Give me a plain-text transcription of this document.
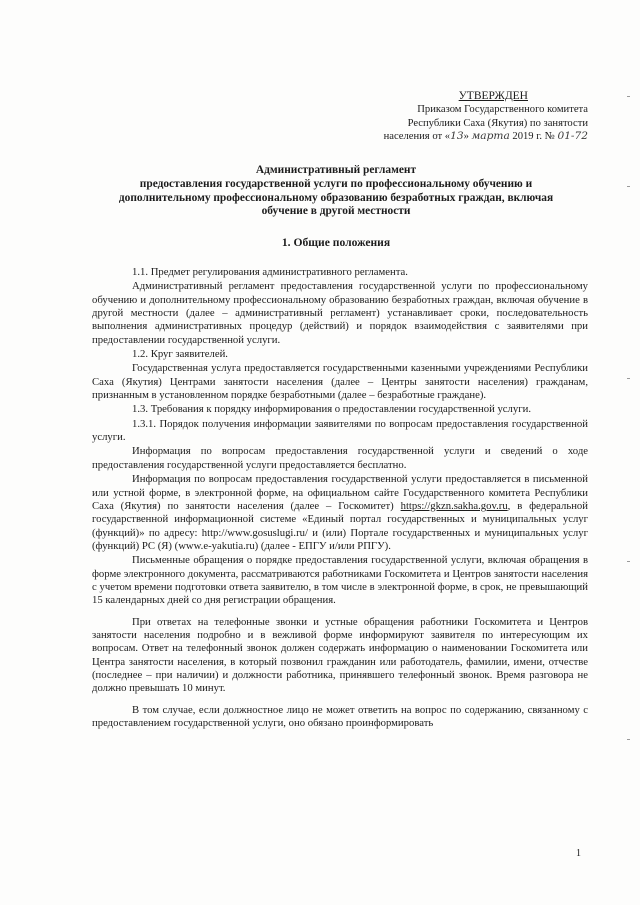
УТВЕРЖДЕН
Приказом Государственного комитета
Республики Саха (Якутия) по занятости
населения от «13» марта 2019 г. № 01-72
Административный регламент
предоставления государственной услуги по профессиональному обучению и
дополнительному профессиональному образованию безработных граждан, включая
обучение в другой местности
1. Общие положения

1.1. Предмет регулирования административного регламента.

Административный регламент предоставления государственной услуги по профессиональному обучению и дополнительному профессиональному образованию безработных граждан, включая обучение в другой местности (далее – административный регламент) устанавливает сроки, последовательность выполнения административных процедур (действий) и порядок взаимодействия с заявителями при предоставлении государственной услуги.

1.2. Круг заявителей.

Государственная услуга предоставляется государственными казенными учреждениями Республики Саха (Якутия) Центрами занятости населения (далее – Центры занятости населения) гражданам, признанным в установленном порядке безработными (далее – безработные граждане).

1.3. Требования к порядку информирования о предоставлении государственной услуги.

1.3.1. Порядок получения информации заявителями по вопросам предоставления государственной услуги.

Информация по вопросам предоставления государственной услуги и сведений о ходе предоставления государственной услуги предоставляется бесплатно.

Информация по вопросам предоставления государственной услуги предоставляется в письменной или устной форме, в электронной форме, на официальном сайте Государственного комитета Республики Саха (Якутия) по занятости населения (далее – Госкомитет) https://gkzn.sakha.gov.ru, в федеральной государственной информационной системе «Единый портал государственных и муниципальных услуг (функций)» по адресу: http://www.gosuslugi.ru/ и (или) Портале государственных и муниципальных услуг (функций) РС (Я) (www.e-yakutia.ru) (далее - ЕПГУ и/или РПГУ).

Письменные обращения о порядке предоставления государственной услуги, включая обращения в форме электронного документа, рассматриваются работниками Госкомитета и Центров занятости населения с учетом времени подготовки ответа заявителю, в том числе в электронной форме, в срок, не превышающий 15 календарных дней со дня регистрации обращения.

При ответах на телефонные звонки и устные обращения работники Госкомитета и Центров занятости населения подробно и в вежливой форме информируют заявителя по интересующим их вопросам. Ответ на телефонный звонок должен содержать информацию о наименовании Госкомитета или Центра занятости населения, в который позвонил гражданин или работодатель, фамилии, имени, отчестве (последнее – при наличии) и должности работника, принявшего телефонный звонок. Время разговора не должно превышать 10 минут.

В том случае, если должностное лицо не может ответить на вопрос по содержанию, связанному с предоставлением государственной услуги, оно обязано проинформировать

1
